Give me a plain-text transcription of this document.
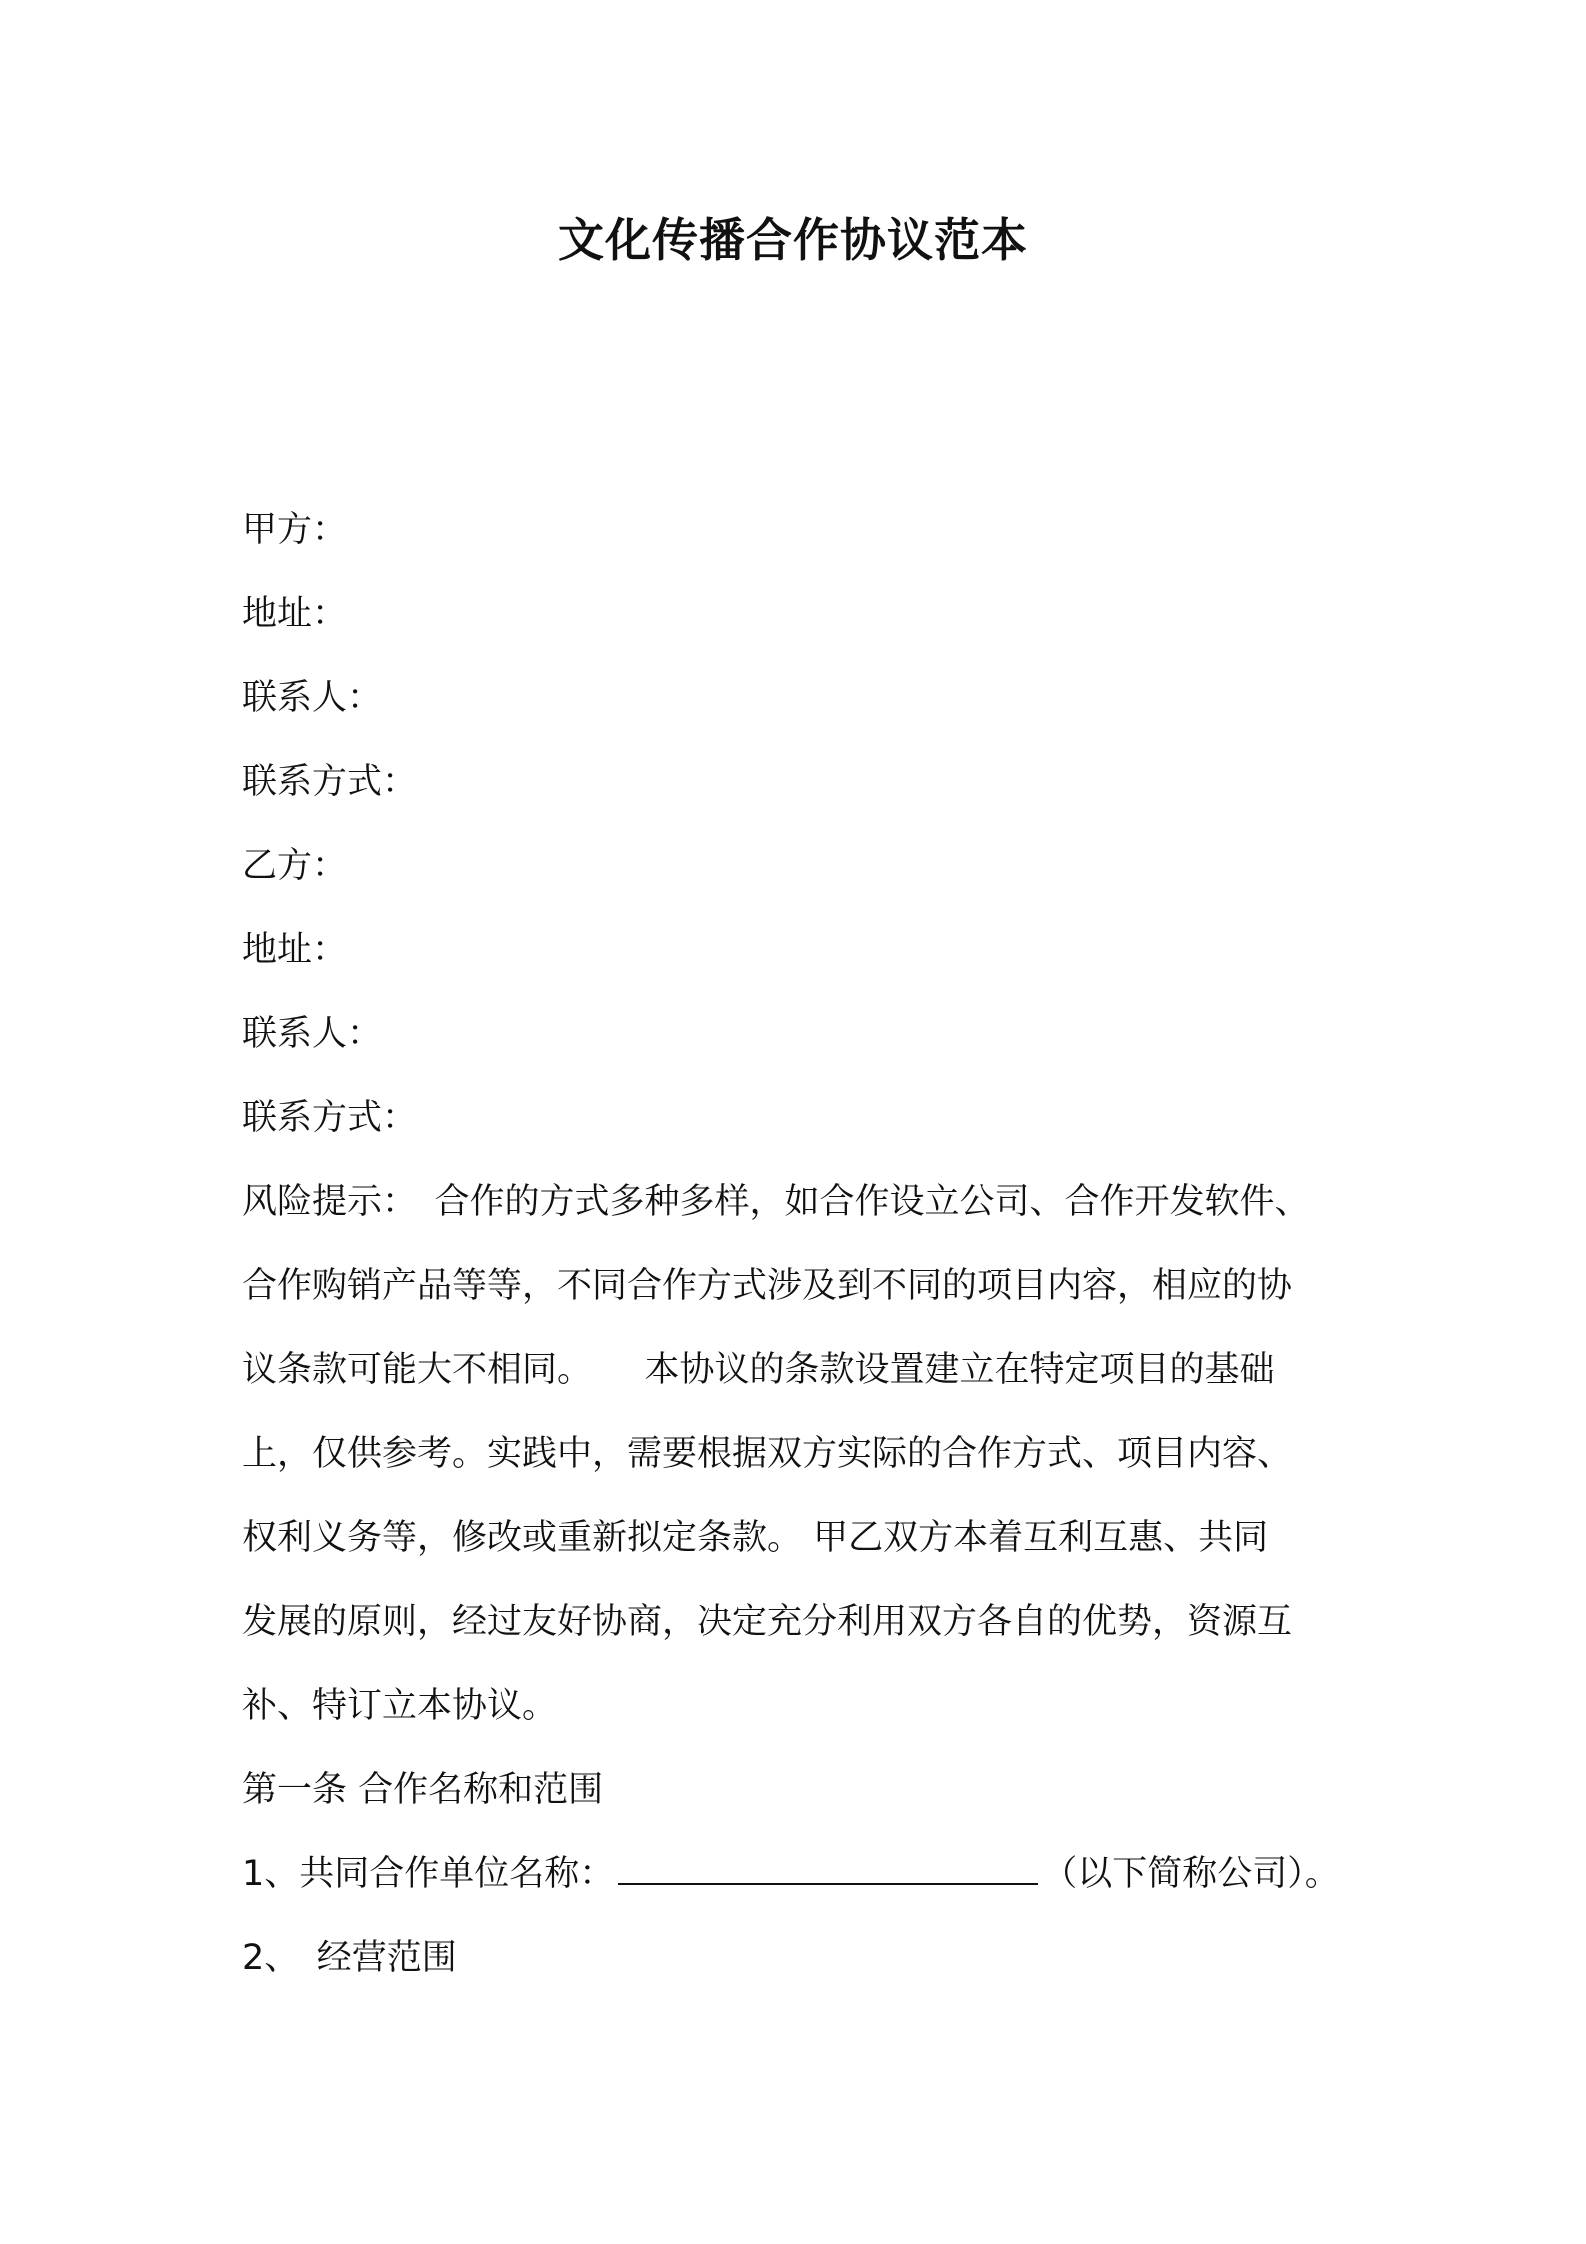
文化传播合作协议范本
甲方：
地址：
联系人：
联系方式：
乙方：
地址：
联系人：
联系方式：
风险提示：　合作的方式多种多样，如合作设立公司、合作开发软件、
合作购销产品等等，不同合作方式涉及到不同的项目内容，相应的协
议条款可能大不相同。　　本协议的条款设置建立在特定项目的基础
上，仅供参考。实践中，需要根据双方实际的合作方式、项目内容、
权利义务等，修改或重新拟定条款。 甲乙双方本着互利互惠、共同
发展的原则，经过友好协商，决定充分利用双方各自的优势，资源互
补、特订立本协议。
第一条 合作名称和范围
1、共同合作单位名称：	（以下简称公司）。
2、　经营范围
